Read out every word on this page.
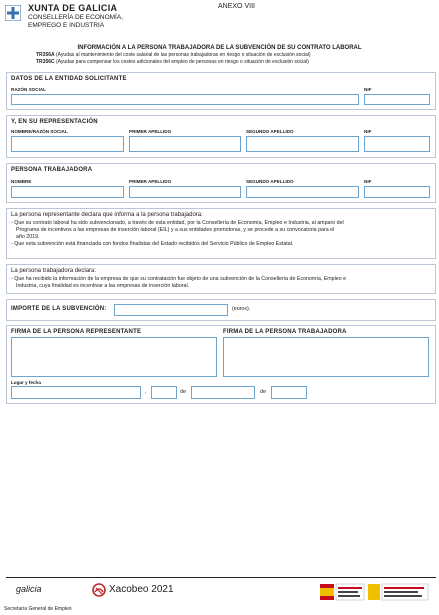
XUNTA DE GALICIA
CONSELLERÍA DE ECONOMÍA,
EMPREGO E INDUSTRIA
ANEXO VIII
INFORMACIÓN A LA PERSONA TRABAJADORA DE LA SUBVENCIÓN DE SU CONTRATO LABORAL
TR356A (Ayudas al mantenimiento del coste salarial de las personas trabajadoras en riesgo o situación de exclusión social)
TR356C (Ayudas para compensar los costes adicionales del empleo de personas en riesgo o situación de exclusión social)
DATOS DE LA ENTIDAD SOLICITANTE
RAZÓN SOCIAL	NIF
Y, EN SU REPRESENTACIÓN
NOMBRE/RAZÓN SOCIAL	PRIMER APELLIDO	SEGUNDO APELLIDO	NIF
PERSONA TRABAJADORA
NOMBRE	PRIMER APELLIDO	SEGUNDO APELLIDO	NIF
La persona representante declara que informa a la persona trabajadora:
- Que su contrato laboral ha sido subvencionado, a través de esta entidad, por la Consellería de Economía, Empleo e Industria, al amparo del
Programa de incentivos a las empresas de inserción laboral (EIL) y a sus entidades promotoras, y se procede a su convocatoria para el
año 2019.
- Que esta subvención está financiada con fondos finalistas del Estado recibidos del Servicio Público de Empleo Estatal.
La persona trabajadora declara:
- Que ha recibido la información de la empresa de que su contratación fue objeto de una subvención de la Consellería de Economía, Empleo e
Industria, cuya finalidad es incentivar a las empresas de inserción laboral.
IMPORTE DE LA SUBVENCIÓN:	(euros).
FIRMA DE LA PERSONA REPRESENTANTE	FIRMA DE LA PERSONA TRABAJADORA
Lugar y fecha
,	de	de
galicia	Xacobeo 2021
Secretaría General de Empleo
